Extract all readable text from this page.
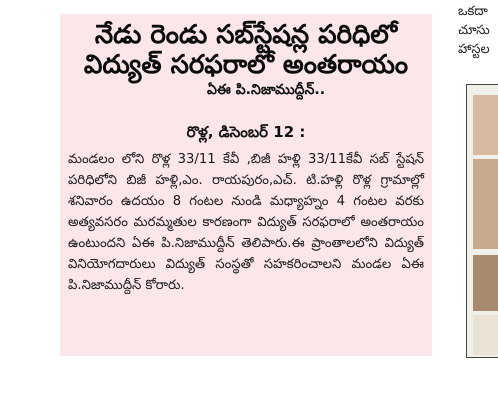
నేడు రెండు సబ్‌స్టేషన్ల పరిధిలో
విద్యుత్ సరఫరాలో అంతరాయం
ఏఈ పి.నిజాముద్దీన్..
రొళ్ల, డిసెంబర్ 12 :
మండలం లోని రొళ్ల 33/11 కేవీ ,బిజీ హళ్లి 33/11కేవీ సబ్ స్టేషన్ పరిధిలోని బిజీ హళ్లి,ఎం. రాయపురం,ఎచ్. టి.హళ్లి రొళ్ల గ్రామాల్లో శనివారం ఉదయం 8 గంటల నుండి మధ్యాహ్నం 4 గంటల వరకు అత్యవసరం మరమ్మతుల కారణంగా విద్యుత్ సరఫరాలో అంతరాయం ఉంటుందని ఏఈ పి.నిజాముద్దీన్ తెలిపారు.ఈ ప్రాంతాలలోని విద్యుత్ వినియోగదారులు విద్యుత్ సంస్థతో సహకరించాలని మండల ఏఈ పి.నిజాముద్దీన్ కోరారు.
ఒకదా
చూసు
హాస్టల
